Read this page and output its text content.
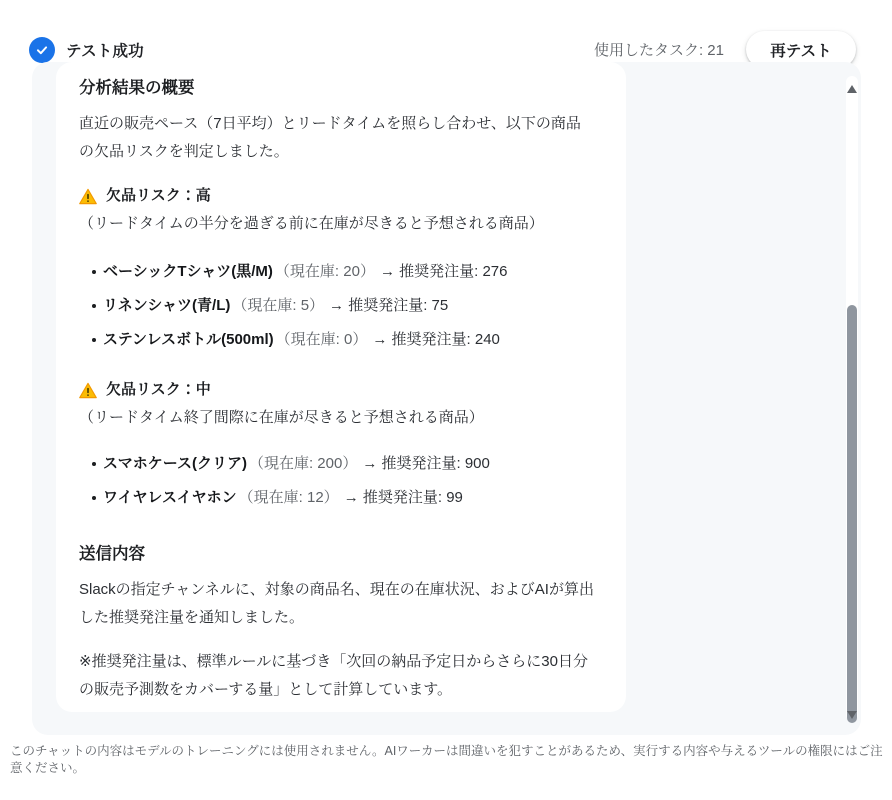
テスト成功	使用したタスク: 21	再テスト
分析結果の概要

直近の販売ペース（7日平均）とリードタイムを照らし合わせ、以下の商品の欠品リスクを判定しました。

欠品リスク：高

（リードタイムの半分を過ぎる前に在庫が尽きると予想される商品）

ベーシックTシャツ(黒/M) （現在庫: 20） → 推奨発注量: 276
リネンシャツ(青/L) （現在庫: 5） → 推奨発注量: 75
ステンレスボトル(500ml) （現在庫: 0） → 推奨発注量: 240
欠品リスク：中

（リードタイム終了間際に在庫が尽きると予想される商品）

スマホケース(クリア) （現在庫: 200） → 推奨発注量: 900
ワイヤレスイヤホン （現在庫: 12） → 推奨発注量: 99
送信内容

Slackの指定チャンネルに、対象の商品名、現在の在庫状況、およびAIが算出した推奨発注量を通知しました。

※推奨発注量は、標準ルールに基づき「次回の納品予定日からさらに30日分の販売予測数をカバーする量」として計算しています。

このチャットの内容はモデルのトレーニングには使用されません。AIワーカーは間違いを犯すことがあるため、実行する内容や与えるツールの権限にはご注意ください。
